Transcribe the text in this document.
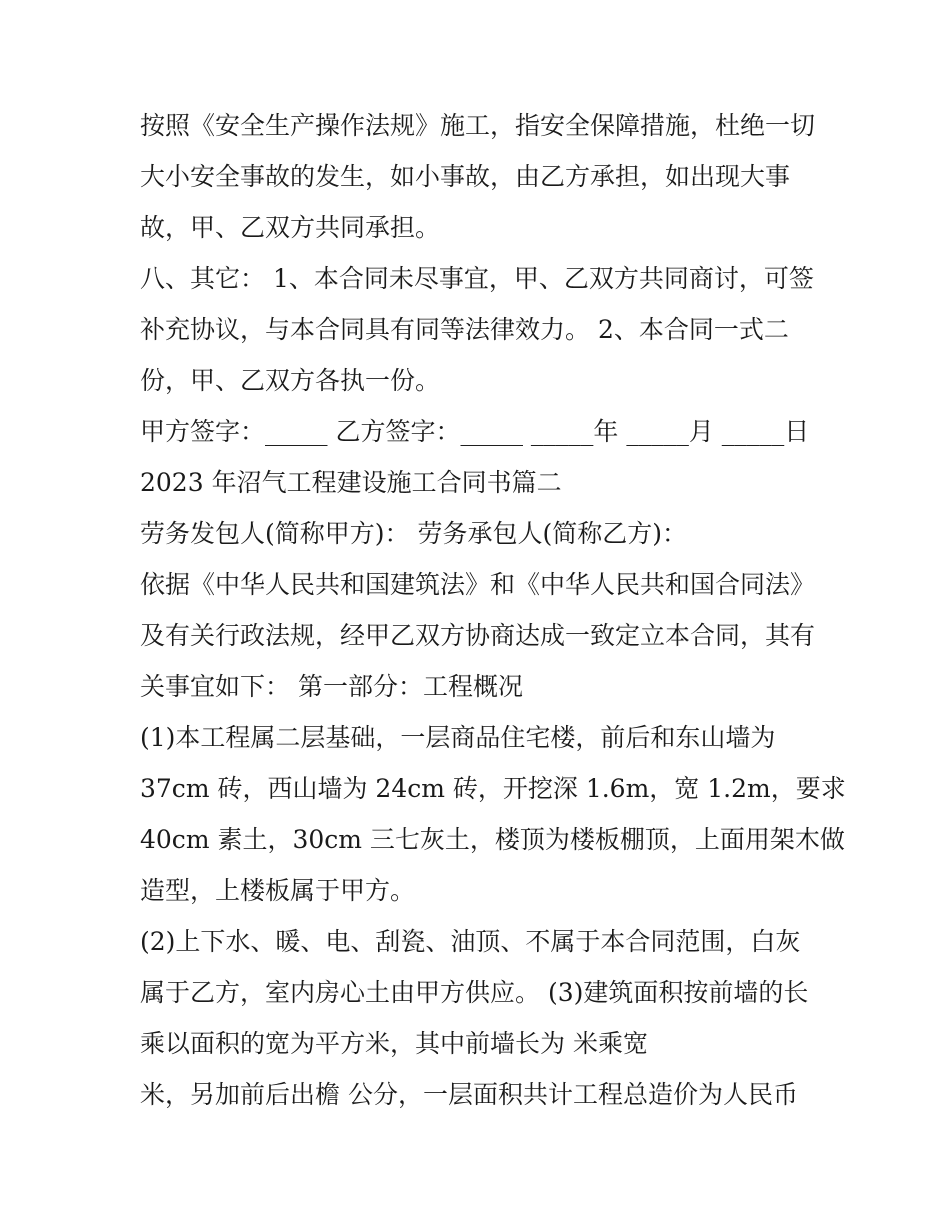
按照《安全生产操作法规》施工，指安全保障措施，杜绝一切
大小安全事故的发生，如小事故，由乙方承担，如出现大事
故，甲、乙双方共同承担。
八、其它： 1、本合同未尽事宜，甲、乙双方共同商讨，可签
补充协议，与本合同具有同等法律效力。 2、本合同一式二
份，甲、乙双方各执一份。
甲方签字：_____ 乙方签字：_____ _____年 _____月 _____日
2023 年沼气工程建设施工合同书篇二
劳务发包人(简称甲方)： 劳务承包人(简称乙方)：
依据《中华人民共和国建筑法》和《中华人民共和国合同法》
及有关行政法规，经甲乙双方协商达成一致定立本合同，其有
关事宜如下： 第一部分：工程概况
(1)本工程属二层基础，一层商品住宅楼，前后和东山墙为
37cm 砖，西山墙为 24cm 砖，开挖深 1.6m，宽 1.2m，要求
40cm 素土，30cm 三七灰土，楼顶为楼板棚顶，上面用架木做
造型，上楼板属于甲方。
(2)上下水、暖、电、刮瓷、油顶、不属于本合同范围，白灰
属于乙方，室内房心土由甲方供应。 (3)建筑面积按前墙的长
乘以面积的宽为平方米，其中前墙长为 米乘宽
米，另加前后出檐 公分，一层面积共计工程总造价为人民币
